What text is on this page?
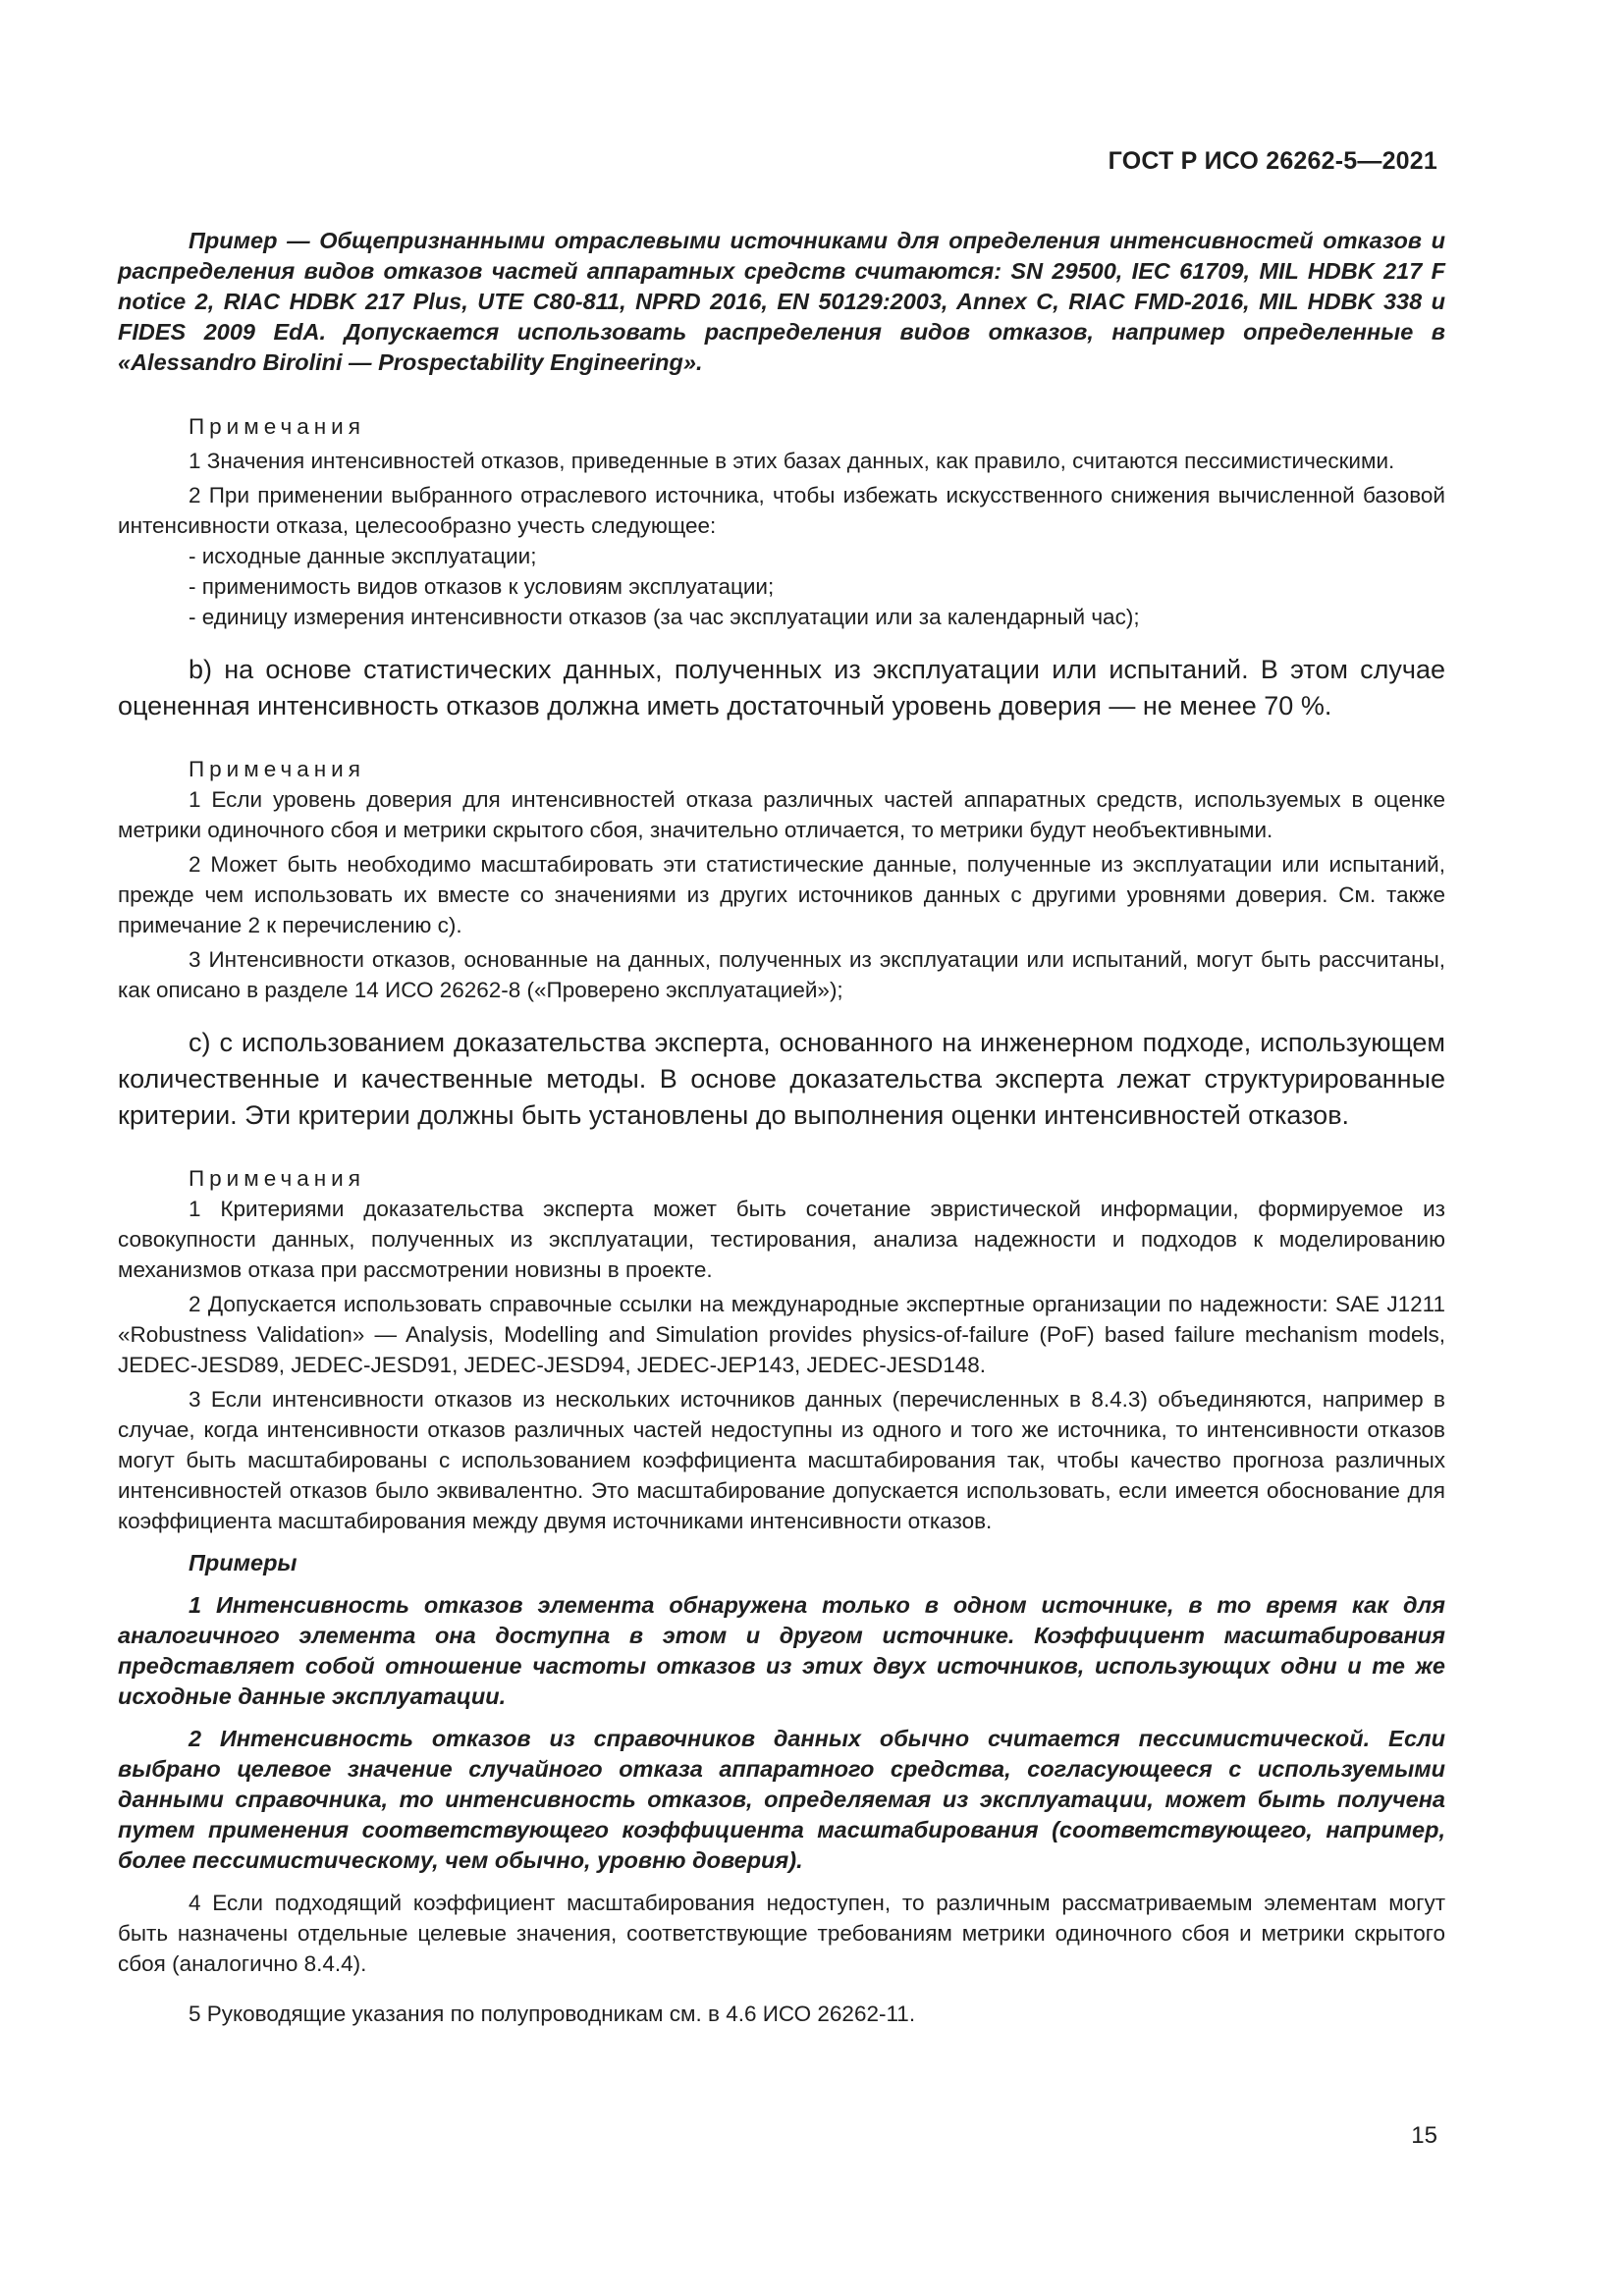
ГОСТ Р ИСО 26262-5—2021

Пример — Общепризнанными отраслевыми источниками для определения интенсивностей отказов и распределения видов отказов частей аппаратных средств считаются: SN 29500, IEC 61709, MIL HDBK 217 F notice 2, RIAC HDBK 217 Plus, UTE C80-811, NPRD 2016, EN 50129:2003, Annex C, RIAC FMD-2016, MIL HDBK 338 и FIDES 2009 EdA. Допускается использовать распределения видов отказов, например определенные в «Alessandro Birolini — Prospectability Engineering».

Примечания

1 Значения интенсивностей отказов, приведенные в этих базах данных, как правило, считаются пессимистическими.

2 При применении выбранного отраслевого источника, чтобы избежать искусственного снижения вычисленной базовой интенсивности отказа, целесообразно учесть следующее:

- исходные данные эксплуатации;

- применимость видов отказов к условиям эксплуатации;

- единицу измерения интенсивности отказов (за час эксплуатации или за календарный час);

b) на основе статистических данных, полученных из эксплуатации или испытаний. В этом случае оцененная интенсивность отказов должна иметь достаточный уровень доверия — не менее 70 %.

Примечания

1 Если уровень доверия для интенсивностей отказа различных частей аппаратных средств, используемых в оценке метрики одиночного сбоя и метрики скрытого сбоя, значительно отличается, то метрики будут необъективными.

2 Может быть необходимо масштабировать эти статистические данные, полученные из эксплуатации или испытаний, прежде чем использовать их вместе со значениями из других источников данных с другими уровнями доверия. См. также примечание 2 к перечислению с).

3 Интенсивности отказов, основанные на данных, полученных из эксплуатации или испытаний, могут быть рассчитаны, как описано в разделе 14 ИСО 26262-8 («Проверено эксплуатацией»);

с) с использованием доказательства эксперта, основанного на инженерном подходе, использующем количественные и качественные методы. В основе доказательства эксперта лежат структурированные критерии. Эти критерии должны быть установлены до выполнения оценки интенсивностей отказов.

Примечания

1 Критериями доказательства эксперта может быть сочетание эвристической информации, формируемое из совокупности данных, полученных из эксплуатации, тестирования, анализа надежности и подходов к моделированию механизмов отказа при рассмотрении новизны в проекте.

2 Допускается использовать справочные ссылки на международные экспертные организации по надежности: SAE J1211 «Robustness Validation» — Analysis, Modelling and Simulation provides physics-of-failure (PoF) based failure mechanism models, JEDEC-JESD89, JEDEC-JESD91, JEDEC-JESD94, JEDEC-JEP143, JEDEC-JESD148.

3 Если интенсивности отказов из нескольких источников данных (перечисленных в 8.4.3) объединяются, например в случае, когда интенсивности отказов различных частей недоступны из одного и того же источника, то интенсивности отказов могут быть масштабированы с использованием коэффициента масштабирования так, чтобы качество прогноза различных интенсивностей отказов было эквивалентно. Это масштабирование допускается использовать, если имеется обоснование для коэффициента масштабирования между двумя источниками интенсивности отказов.

Примеры

1 Интенсивность отказов элемента обнаружена только в одном источнике, в то время как для аналогичного элемента она доступна в этом и другом источнике. Коэффициент масштабирования представляет собой отношение частоты отказов из этих двух источников, использующих одни и те же исходные данные эксплуатации.

2 Интенсивность отказов из справочников данных обычно считается пессимистической. Если выбрано целевое значение случайного отказа аппаратного средства, согласующееся с используемыми данными справочника, то интенсивность отказов, определяемая из эксплуатации, может быть получена путем применения соответствующего коэффициента масштабирования (соответствующего, например, более пессимистическому, чем обычно, уровню доверия).

4 Если подходящий коэффициент масштабирования недоступен, то различным рассматриваемым элементам могут быть назначены отдельные целевые значения, соответствующие требованиям метрики одиночного сбоя и метрики скрытого сбоя (аналогично 8.4.4).

5 Руководящие указания по полупроводникам см. в 4.6 ИСО 26262-11.

15
